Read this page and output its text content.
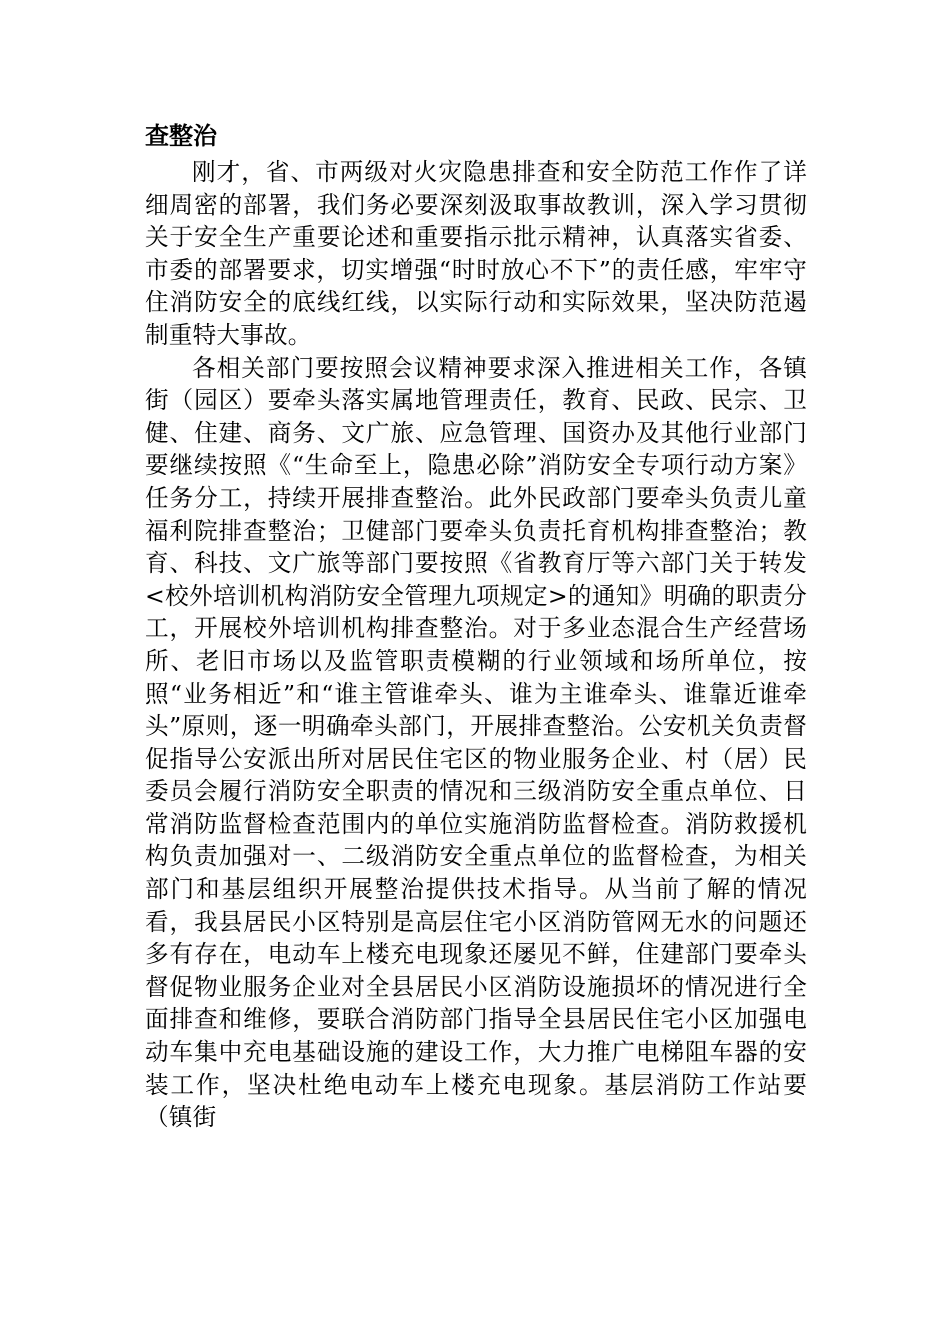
查整治

刚才，省、市两级对火灾隐患排查和安全防范工作作了详细周密的部署，我们务必要深刻汲取事故教训，深入学习贯彻关于安全生产重要论述和重要指示批示精神，认真落实省委、市委的部署要求，切实增强“时时放心不下”的责任感，牢牢守住消防安全的底线红线，以实际行动和实际效果，坚决防范遏制重特大事故。

各相关部门要按照会议精神要求深入推进相关工作，各镇街（园区）要牵头落实属地管理责任，教育、民政、民宗、卫健、住建、商务、文广旅、应急管理、国资办及其他行业部门要继续按照《“生命至上，隐患必除”消防安全专项行动方案》任务分工，持续开展排查整治。此外民政部门要牵头负责儿童福利院排查整治；卫健部门要牵头负责托育机构排查整治；教育、科技、文广旅等部门要按照《省教育厅等六部门关于转发<校外培训机构消防安全管理九项规定>的通知》明确的职责分工，开展校外培训机构排查整治。对于多业态混合生产经营场所、老旧市场以及监管职责模糊的行业领域和场所单位，按照“业务相近”和“谁主管谁牵头、谁为主谁牵头、谁靠近谁牵头”原则，逐一明确牵头部门，开展排查整治。公安机关负责督促指导公安派出所对居民住宅区的物业服务企业、村（居）民委员会履行消防安全职责的情况和三级消防安全重点单位、日常消防监督检查范围内的单位实施消防监督检查。消防救援机构负责加强对一、二级消防安全重点单位的监督检查，为相关部门和基层组织开展整治提供技术指导。从当前了解的情况看，我县居民小区特别是高层住宅小区消防管网无水的问题还多有存在，电动车上楼充电现象还屡见不鲜，住建部门要牵头督促物业服务企业对全县居民小区消防设施损坏的情况进行全面排查和维修，要联合消防部门指导全县居民住宅小区加强电动车集中充电基础设施的建设工作，大力推广电梯阻车器的安装工作，坚决杜绝电动车上楼充电现象。基层消防工作站要（镇街
